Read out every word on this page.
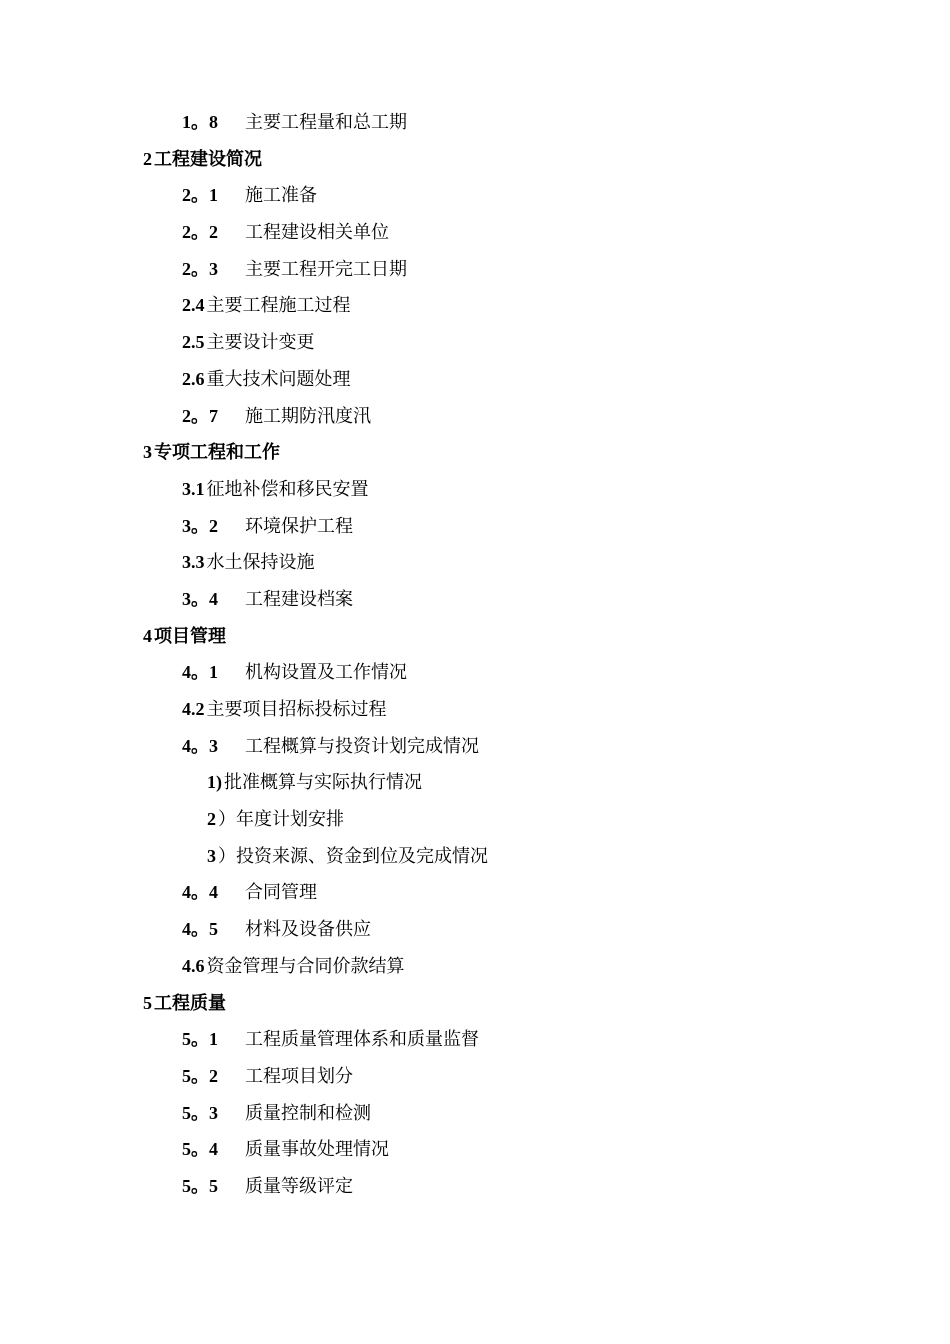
1。8 主要工程量和总工期
2 工程建设简况
2。1 施工准备
2。2 工程建设相关单位
2。3 主要工程开完工日期
2.4 主要工程施工过程
2.5 主要设计变更
2.6 重大技术问题处理
2。7 施工期防汛度汛
3 专项工程和工作
3.1 征地补偿和移民安置
3。2 环境保护工程
3.3 水土保持设施
3。4 工程建设档案
4 项目管理
4。1 机构设置及工作情况
4.2 主要项目招标投标过程
4。3 工程概算与投资计划完成情况
1) 批准概算与实际执行情况
2 ）年度计划安排
3 ）投资来源、资金到位及完成情况
4。4 合同管理
4。5 材料及设备供应
4.6 资金管理与合同价款结算
5 工程质量
5。1 工程质量管理体系和质量监督
5。2 工程项目划分
5。3 质量控制和检测
5。4 质量事故处理情况
5。5 质量等级评定
